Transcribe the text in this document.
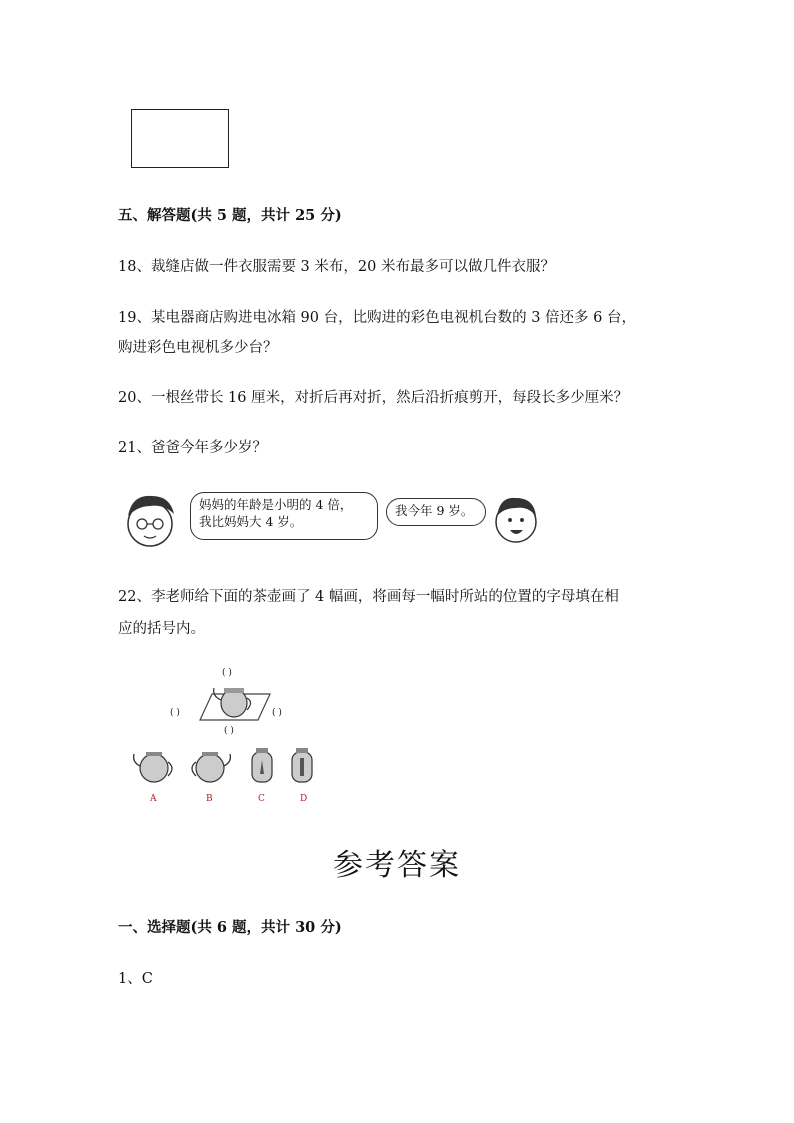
五、解答题(共 5 题，共计 25 分)
18、裁缝店做一件衣服需要 3 米布，20 米布最多可以做几件衣服？
19、某电器商店购进电冰箱 90 台，比购进的彩色电视机台数的 3 倍还多 6 台，
购进彩色电视机多少台？
20、一根丝带长 16 厘米，对折后再对折，然后沿折痕剪开，每段长多少厘米？
21、爸爸今年多少岁？
妈妈的年龄是小明的 4 倍，
我比妈妈大 4 岁。
我今年 9 岁。
22、李老师给下面的茶壶画了 4 幅画，将画每一幅时所站的位置的字母填在相
应的括号内。
( )
( )	( )
( )
A	B	C	D
参考答案
一、选择题(共 6 题，共计 30 分)
1、C
